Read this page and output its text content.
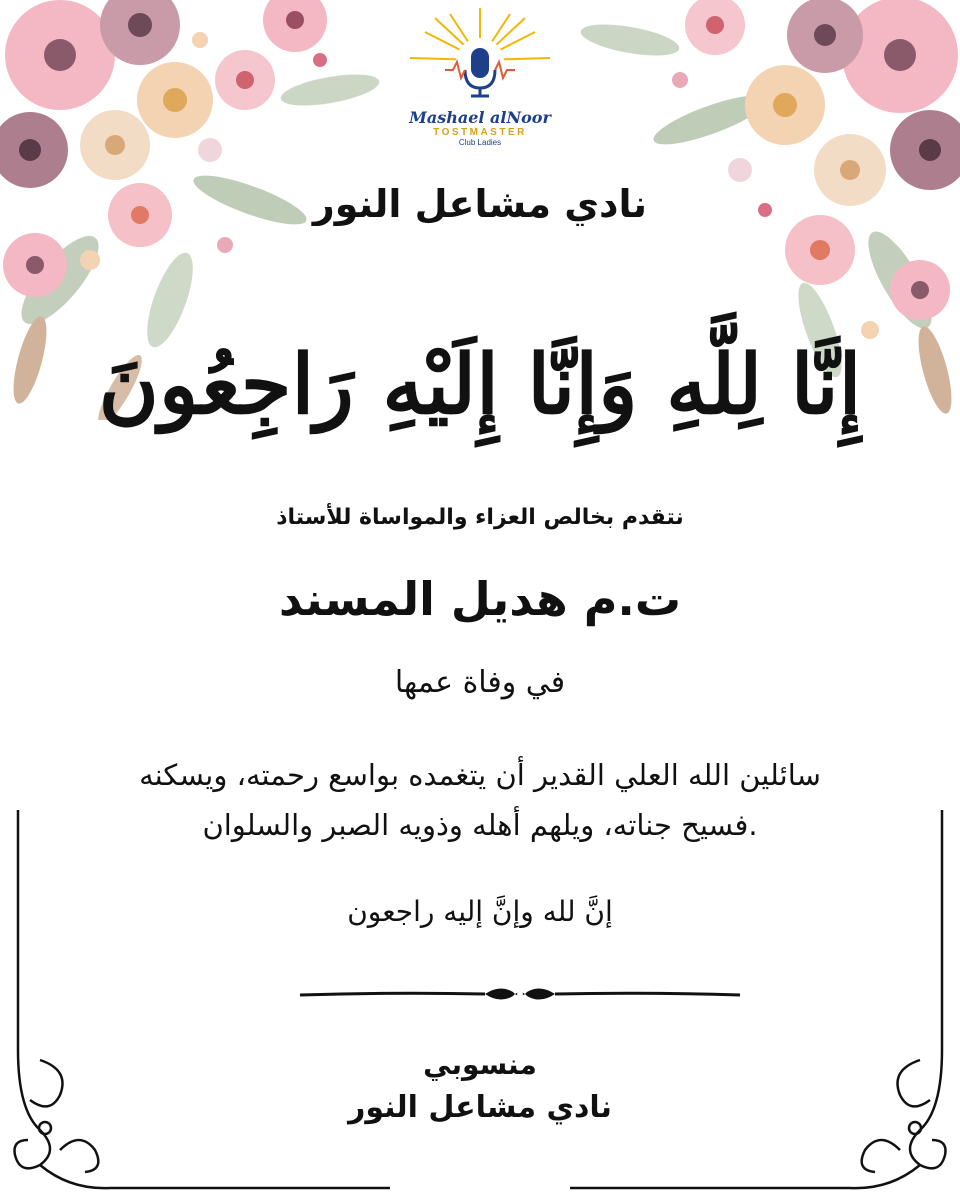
Mashael alNoor
TOSTMASTER
Club Ladies
نادي مشاعل النور
إِنَّا لِلَّهِ وَإِنَّا إِلَيْهِ رَاجِعُونَ
نتقدم بخالص العزاء والمواساة للأستاذ
ت.م هديل المسند
في وفاة عمها
سائلين الله العلي القدير أن يتغمده بواسع رحمته، ويسكنه
.فسيح جناته، ويلهم أهله وذويه الصبر والسلوان
إنَّ لله وإنَّ إليه راجعون
منسوبي
نادي مشاعل النور
